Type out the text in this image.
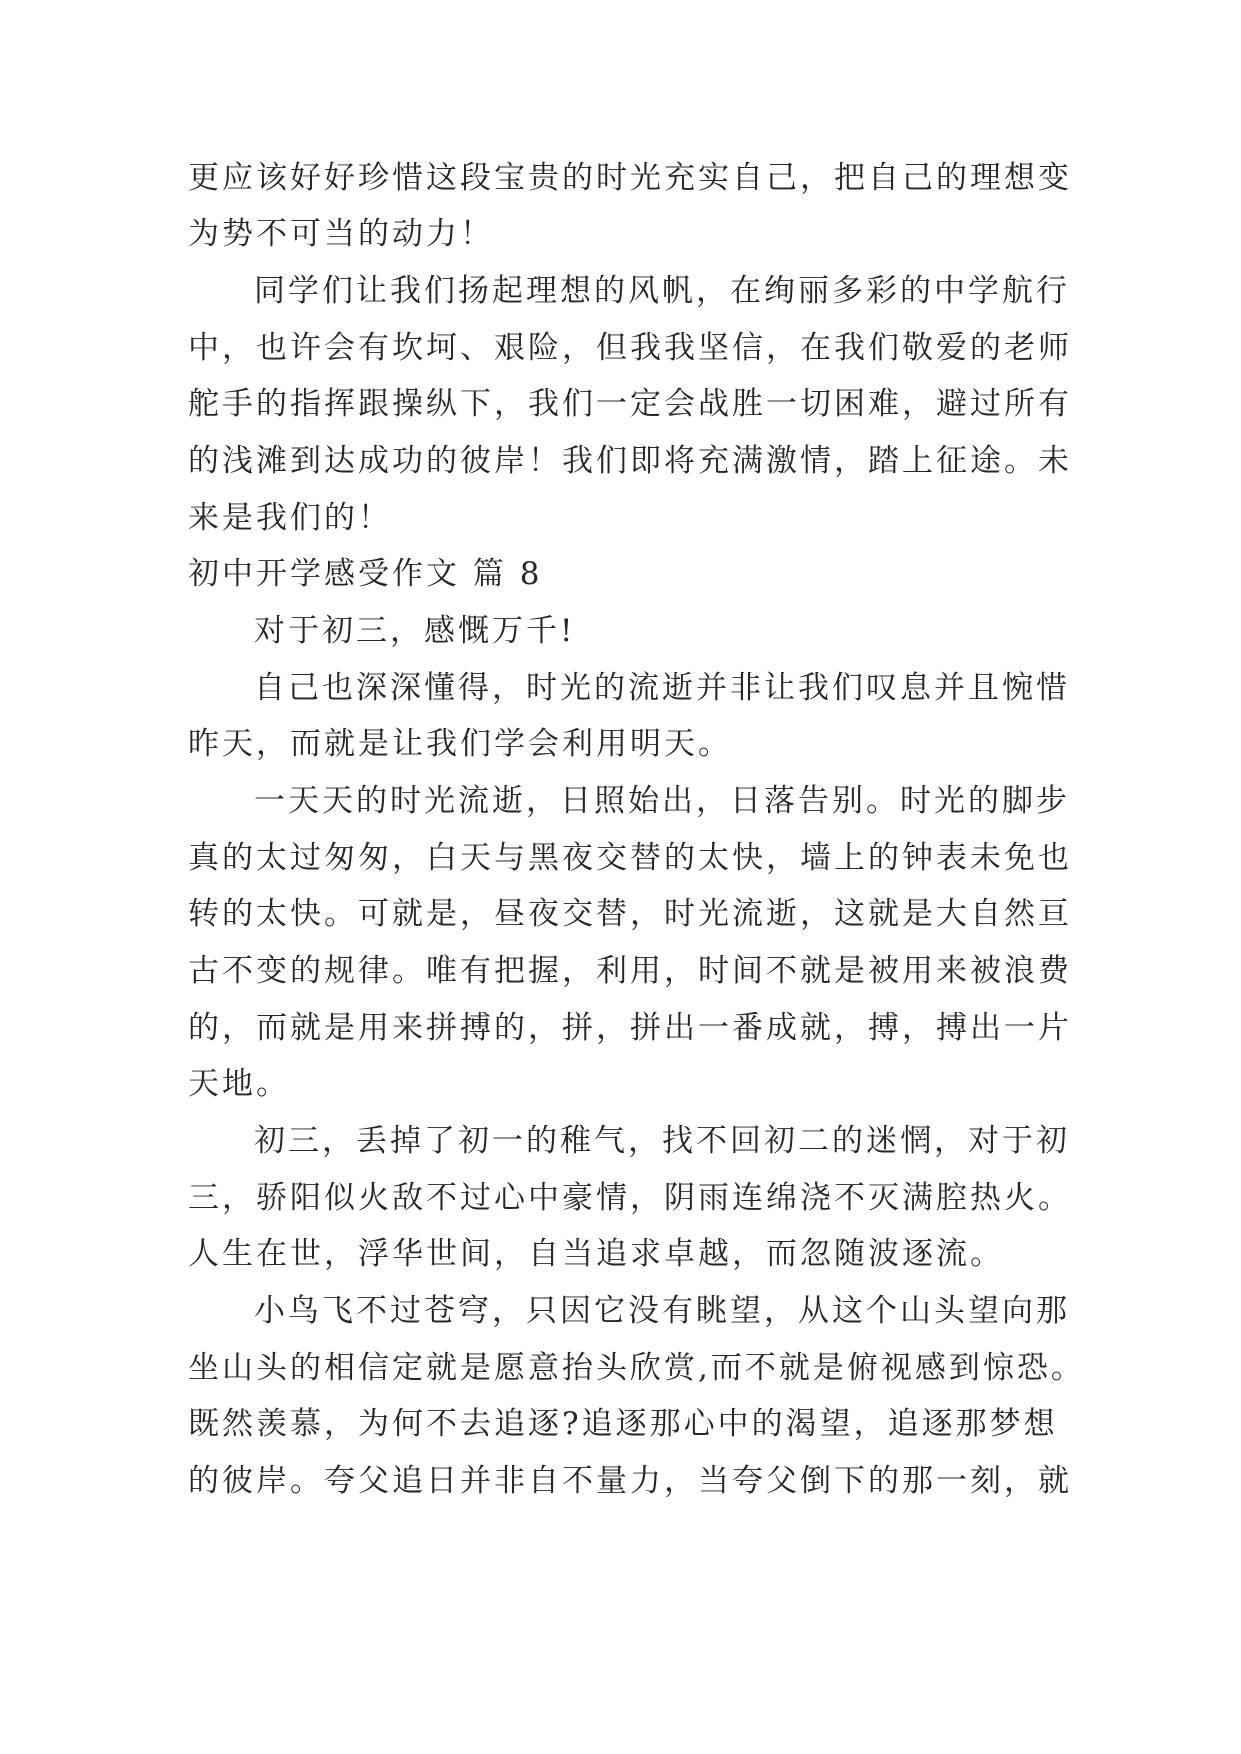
更应该好好珍惜这段宝贵的时光充实自己，把自己的理想变
为势不可当的动力！
同学们让我们扬起理想的风帆，在绚丽多彩的中学航行
中，也许会有坎坷、艰险，但我我坚信，在我们敬爱的老师
舵手的指挥跟操纵下，我们一定会战胜一切困难，避过所有
的浅滩到达成功的彼岸！我们即将充满激情，踏上征途。未
来是我们的！
初中开学感受作文 篇 8
对于初三，感慨万千!
自己也深深懂得，时光的流逝并非让我们叹息并且惋惜
昨天，而就是让我们学会利用明天。
一天天的时光流逝，日照始出，日落告别。时光的脚步
真的太过匆匆，白天与黑夜交替的太快，墙上的钟表未免也
转的太快。可就是，昼夜交替，时光流逝，这就是大自然亘
古不变的规律。唯有把握，利用，时间不就是被用来被浪费
的，而就是用来拼搏的，拼，拼出一番成就，搏，搏出一片
天地。
初三，丢掉了初一的稚气，找不回初二的迷惘，对于初
三，骄阳似火敌不过心中豪情，阴雨连绵浇不灭满腔热火。
人生在世，浮华世间，自当追求卓越，而忽随波逐流。
小鸟飞不过苍穹，只因它没有眺望，从这个山头望向那
坐山头的相信定就是愿意抬头欣赏,而不就是俯视感到惊恐。
既然羡慕，为何不去追逐?追逐那心中的渴望，追逐那梦想
的彼岸。夸父追日并非自不量力，当夸父倒下的那一刻，就
